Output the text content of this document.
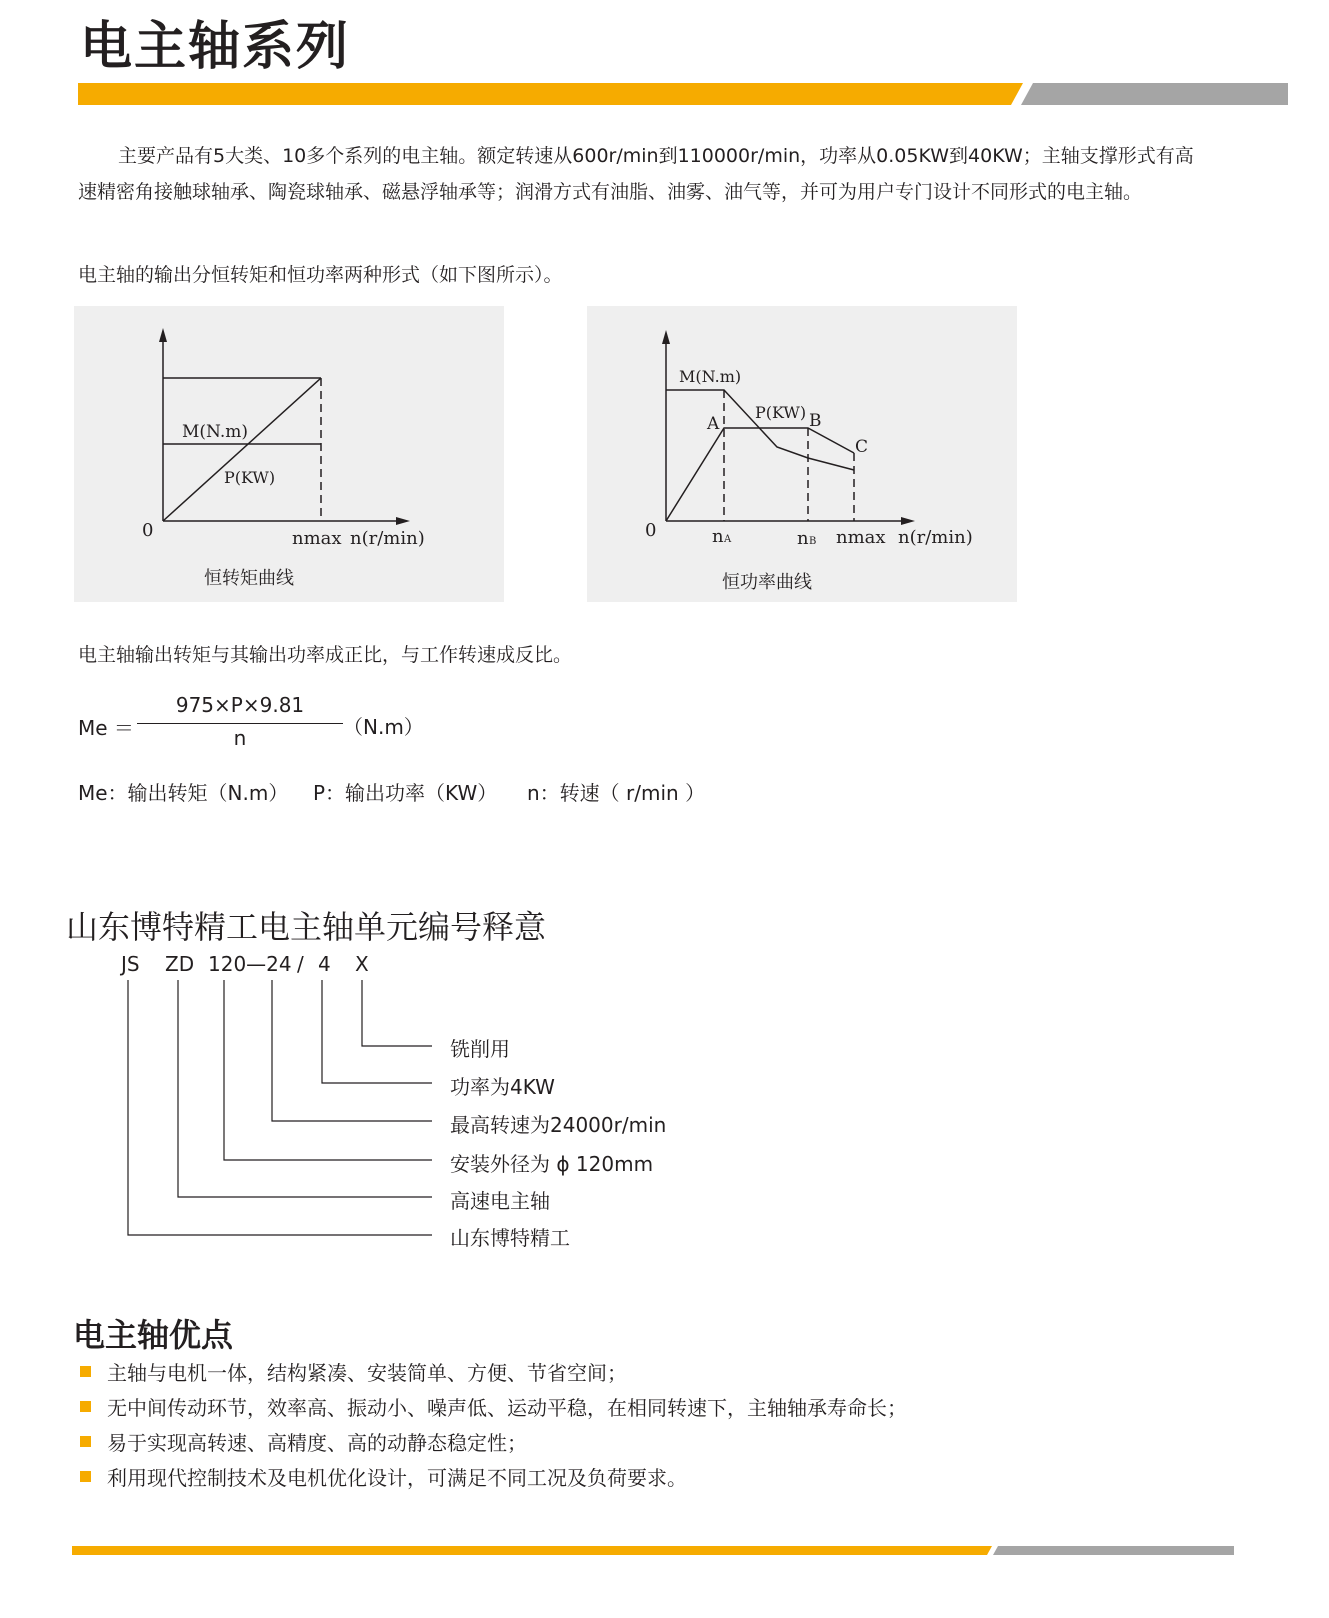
电主轴系列
主要产品有5大类、10多个系列的电主轴。额定转速从600r/min到110000r/min，功率从0.05KW到40KW；主轴支撑形式有高
速精密角接触球轴承、陶瓷球轴承、磁悬浮轴承等；润滑方式有油脂、油雾、油气等，并可为用户专门设计不同形式的电主轴。
电主轴的输出分恒转矩和恒功率两种形式（如下图所示）。
M(N.m)
P(KW)
0	nmax n(r/min)
恒转矩曲线
M(N.m)
P(KW)
A	B
C
0	n A	n B nmax n(r/min)
恒功率曲线
电主轴输出转矩与其输出功率成正比，与工作转速成反比。
Me ＝
975×P×9.81
n	（N.m）
Me：输出转矩（N.m） P：输出功率（KW） n：转速（ r/min ）
山东博特精工电主轴单元编号释意
JS ZD 120—24 / 4 X
铣削用
功率为4KW
最高转速为24000r/min
安装外径为 ϕ 120mm
高速电主轴
山东博特精工
电主轴优点
主轴与电机一体，结构紧凑、安装简单、方便、节省空间；
无中间传动环节，效率高、振动小、噪声低、运动平稳，在相同转速下，主轴轴承寿命长；
易于实现高转速、高精度、高的动静态稳定性；
利用现代控制技术及电机优化设计，可满足不同工况及负荷要求。
